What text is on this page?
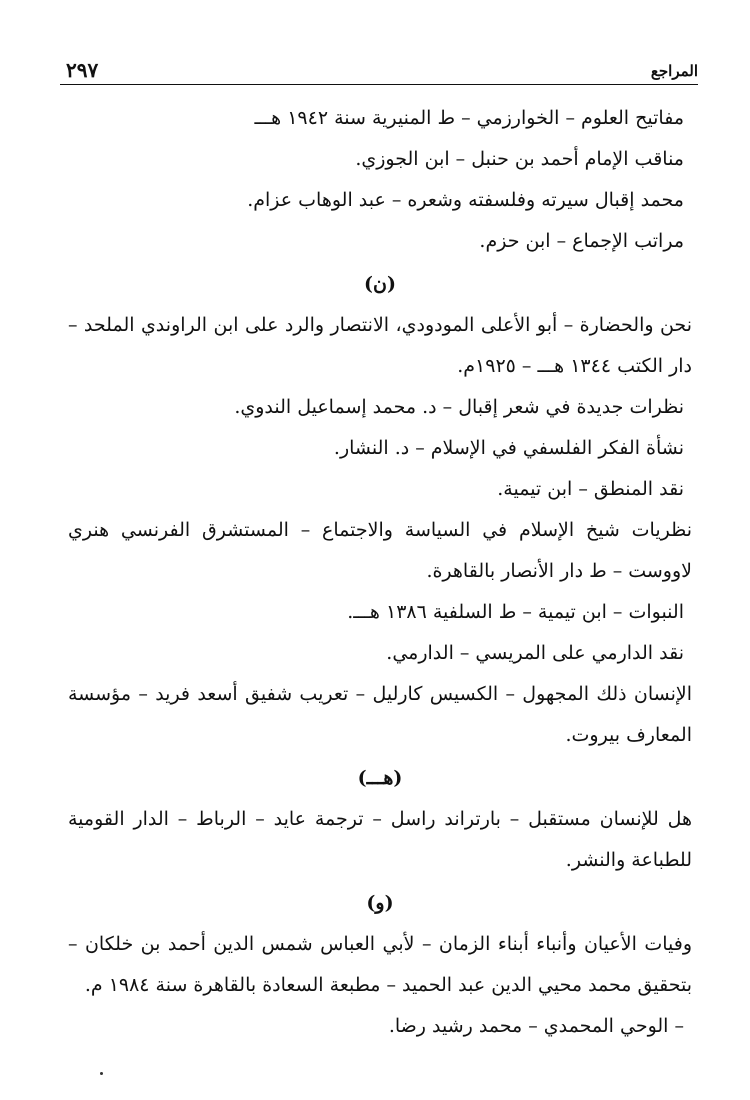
المراجع
٢٩٧

مفاتيح العلوم – الخوارزمي – ط المنيرية سنة ١٩٤٢ هـــ

مناقب الإمام أحمد بن حنبل – ابن الجوزي.

محمد إقبال سيرته وفلسفته وشعره – عبد الوهاب عزام.

مراتب الإجماع – ابن حزم.

(ن)

نحن والحضارة – أبو الأعلى المودودي، الانتصار والرد على ابن الراوندي الملحد – دار الكتب ١٣٤٤ هـــ – ١٩٢٥م.

نظرات جديدة في شعر إقبال – د. محمد إسماعيل الندوي.

نشأة الفكر الفلسفي في الإسلام – د. النشار.

نقد المنطق – ابن تيمية.

نظريات شيخ الإسلام في السياسة والاجتماع – المستشرق الفرنسي هنري لاووست – ط دار الأنصار بالقاهرة.

النبوات – ابن تيمية – ط السلفية ١٣٨٦ هـــ.

نقد الدارمي على المريسي – الدارمي.

الإنسان ذلك المجهول – الكسيس كارليل – تعريب شفيق أسعد فريد – مؤسسة المعارف بيروت.

(هـــ)

هل للإنسان مستقبل – بارتراند راسل – ترجمة عايد – الرباط – الدار القومية للطباعة والنشر.

(و)

وفيات الأعيان وأنباء أبناء الزمان – لأبي العباس شمس الدين أحمد بن خلكان – بتحقيق محمد محيي الدين عبد الحميد – مطبعة السعادة بالقاهرة سنة ١٩٨٤ م.

– الوحي المحمدي – محمد رشيد رضا.
